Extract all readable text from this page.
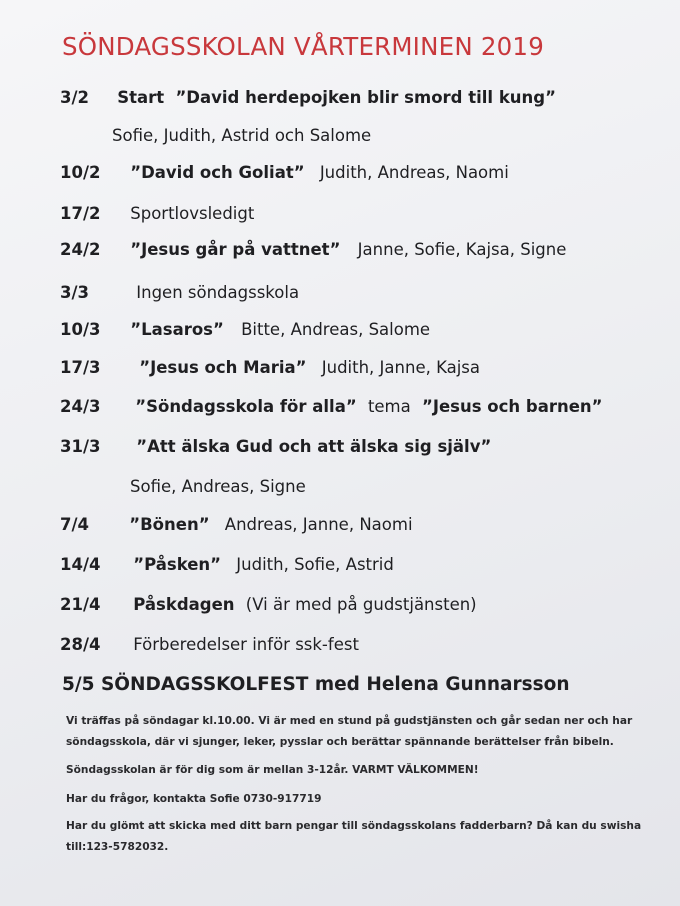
SÖNDAGSSKOLAN VÅRTERMINEN 2019
3/2 Start ”David herdepojken blir smord till kung”
Sofie, Judith, Astrid och Salome
10/2 ”David och Goliat” Judith, Andreas, Naomi
17/2 Sportlovsledigt
24/2 ”Jesus går på vattnet” Janne, Sofie, Kajsa, Signe
3/3	Ingen söndagsskola
10/3 ”Lasaros” Bitte, Andreas, Salome
17/3 ”Jesus och Maria” Judith, Janne, Kajsa
24/3 ”Söndagsskola för alla” tema ”Jesus och barnen”
31/3 ”Att älska Gud och att älska sig själv”
Sofie, Andreas, Signe
7/4 ”Bönen” Andreas, Janne, Naomi
14/4 ”Påsken” Judith, Sofie, Astrid
21/4 Påskdagen (Vi är med på gudstjänsten)
28/4 Förberedelser inför ssk-fest
5/5 SÖNDAGSSKOLFEST med Helena Gunnarsson
Vi träffas på söndagar kl.10.00. Vi är med en stund på gudstjänsten och går sedan ner och har
söndagsskola, där vi sjunger, leker, pysslar och berättar spännande berättelser från bibeln.
Söndagsskolan är för dig som är mellan 3-12år. VARMT VÄLKOMMEN!
Har du frågor, kontakta Sofie 0730-917719
Har du glömt att skicka med ditt barn pengar till söndagsskolans fadderbarn? Då kan du swisha
till:123-5782032.
